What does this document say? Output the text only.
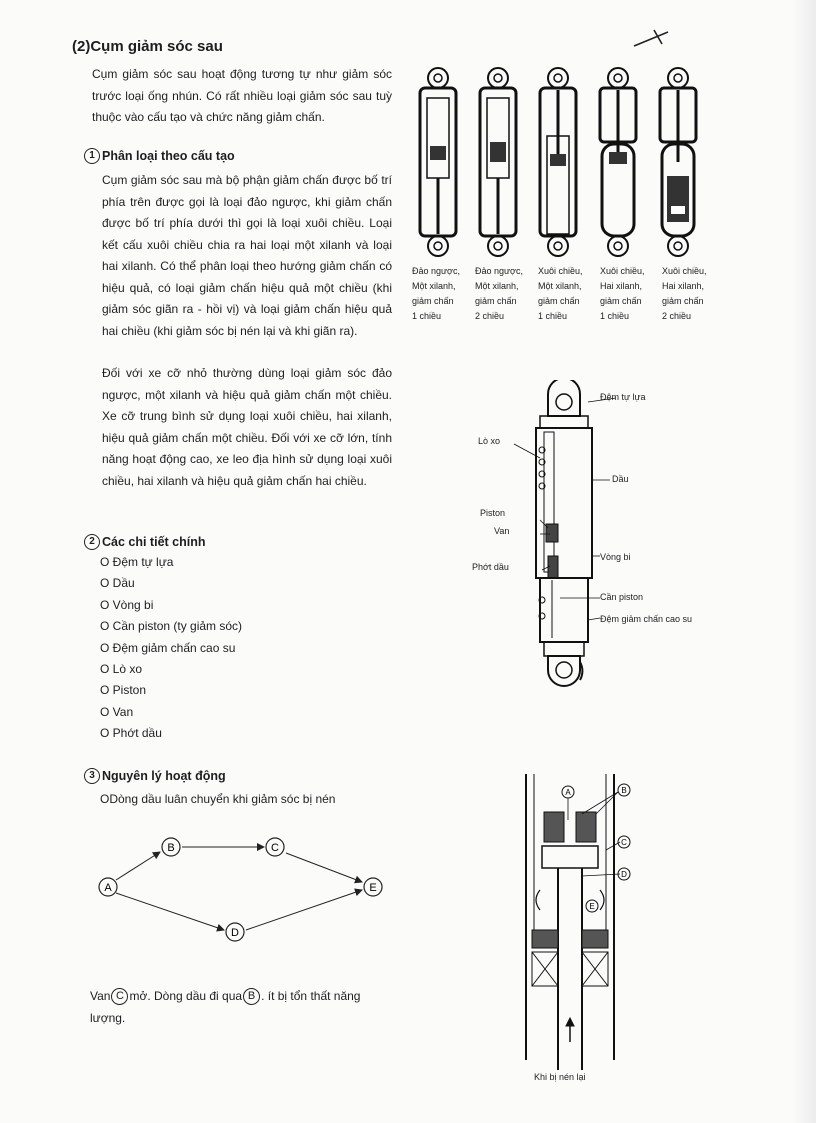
(2)Cụm giảm sóc sau
Cụm giảm sóc sau hoạt động tương tự như giảm sóc trước loại ống nhún. Có rất nhiều loại giảm sóc sau tuỳ thuộc vào cấu tạo và chức năng giảm chấn.
1 Phân loại theo cấu tạo
Cụm giảm sóc sau mà bộ phận giảm chấn được bố trí phía trên được gọi là loại đảo ngược, khi giảm chấn được bố trí phía dưới thì gọi là loại xuôi chiều. Loại kết cấu xuôi chiều chia ra hai loại một xilanh và loại hai xilanh. Có thể phân loại theo hướng giảm chấn có hiệu quả, có loại giảm chấn hiệu quả một chiều (khi giảm sóc giãn ra - hồi vị) và loại giảm chấn hiệu quả hai chiều (khi giảm sóc bị nén lại và khi giãn ra).
Đối với xe cỡ nhỏ thường dùng loại giảm sóc đảo ngược, một xilanh và hiệu quả giảm chấn một chiều. Xe cỡ trung bình sử dụng loại xuôi chiều, hai xilanh, hiệu quả giảm chấn một chiều. Đối với xe cỡ lớn, tính năng hoạt động cao, xe leo địa hình sử dụng loại xuôi chiều, hai xilanh và hiệu quả giảm chấn hai chiều.
2 Các chi tiết chính
O Đệm tự lựa
O Dầu
O Vòng bi
O Cần piston (ty giảm sóc)
O Đệm giảm chấn cao su
O Lò xo
O Piston
O Van
O Phớt dầu
3 Nguyên lý hoạt động
ODòng dầu luân chuyển khi giảm sóc bị nén
A
B	C
D
E
Van C mở. Dòng dầu đi qua B . ít bị tổn thất năng lượng.
Đảo ngược,
Một xilanh,
giảm chấn
1 chiều
Đảo ngược,
Một xilanh,
giảm chấn
2 chiều
Xuôi chiều,
Một xilanh,
giảm chấn
1 chiều
Xuôi chiều,
Hai xilanh,
giảm chấn
1 chiều
Xuôi chiều,
Hai xilanh,
giảm chấn
2 chiều
Đệm tự lựa
Lò xo
Dầu
Piston
Van
Vòng bi
Phớt dầu
Cần piston
Đệm giảm chấn cao su
A	B
C
D
E
Khi bị nén lại
